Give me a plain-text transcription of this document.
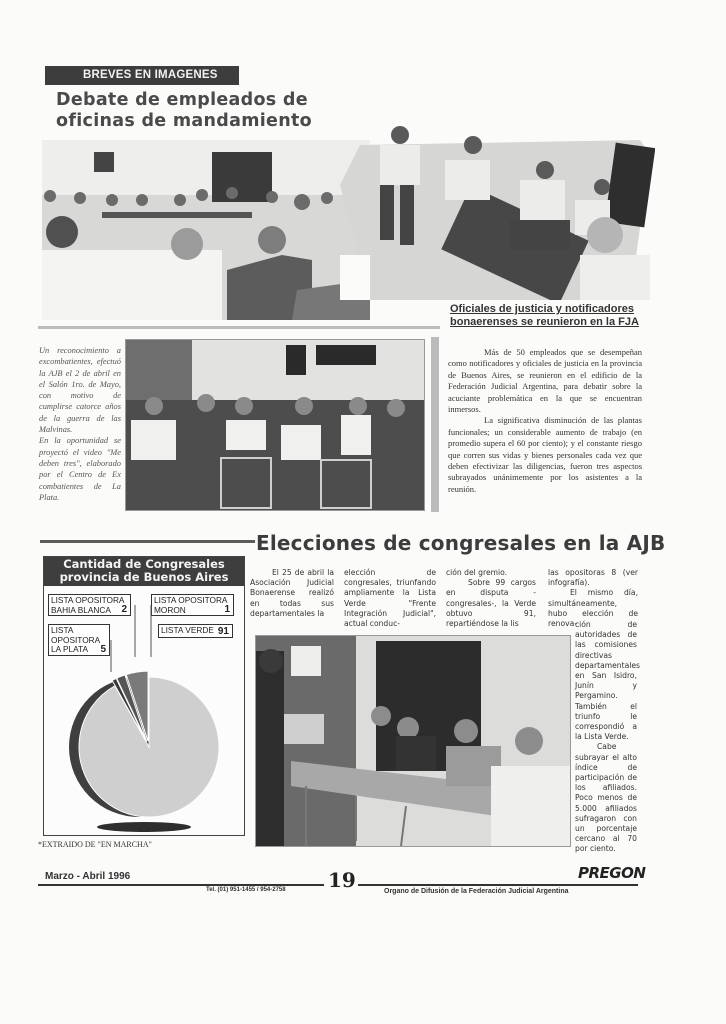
BREVES EN IMAGENES
Debate de empleados de
oficinas de mandamiento
Oficiales de justicia y notificadores
bonaerenses se reunieron en la FJA
Un reconocimiento a excombatientes, efectuó la AJB el 2 de abril en el Salón 1ro. de Mayo, con motivo de cumplirse catorce años de la guerra de las Malvinas.
En la oportunidad se proyectó el video "Me deben tres", elaborado por el Centro de Ex combatientes de La Plata.

Más de 50 empleados que se desempeñan como notificadores y oficiales de justicia en la provincia de Buenos Aires, se reunieron en el edificio de la Federación Judicial Argentina, para debatir sobre la acuciante problemática en la que se encuentran inmersos.

La significativa disminución de las plantas funcionales; un considerable aumento de trabajo (en promedio supera el 60 por ciento); y el constante riesgo que corren sus vidas y bienes personales cada vez que deben efectivizar las diligencias, fueron tres aspectos subrayados unánimemente por los asistentes a la reunión.

Elecciones de congresales en la AJB
Cantidad de Congresales
provincia de Buenos Aires
LISTA OPOSITORA
BAHIA BLANCA	2
LISTA OPOSITORA
MORON	1
LISTA
OPOSITORA
LA PLATA	5
LISTA VERDE 91
*EXTRAIDO DE "EN MARCHA"

El 25 de abril la Asociación Judicial Bonaerense realizó en todas sus departamentales la

elección de congresales, triunfando ampliamente la Lista Verde "Frente Integración Judicial", actual conduc-

ción del gremio.

Sobre 99 cargos en disputa -congresales-, la Verde obtuvo 91, repartiéndose la lis

las opositoras 8 (ver infografía).

El mismo día, simultáneamente, hubo elección de renova-

ción de autoridades de las comisiones directivas departamentales en San Isidro, Junín y Pergamino. También el triunfo le correspondió a la Lista Verde.

Cabe subrayar el alto índice de participación de los afiliados. Poco menos de 5.000 afiliados sufragaron con un porcentaje cercano al 70 por ciento.

Marzo - Abril 1996	19
Tel. (01) 951-1455 / 954-2758	Organo de Difusión de la Federación Judicial Argentina
PREGON
